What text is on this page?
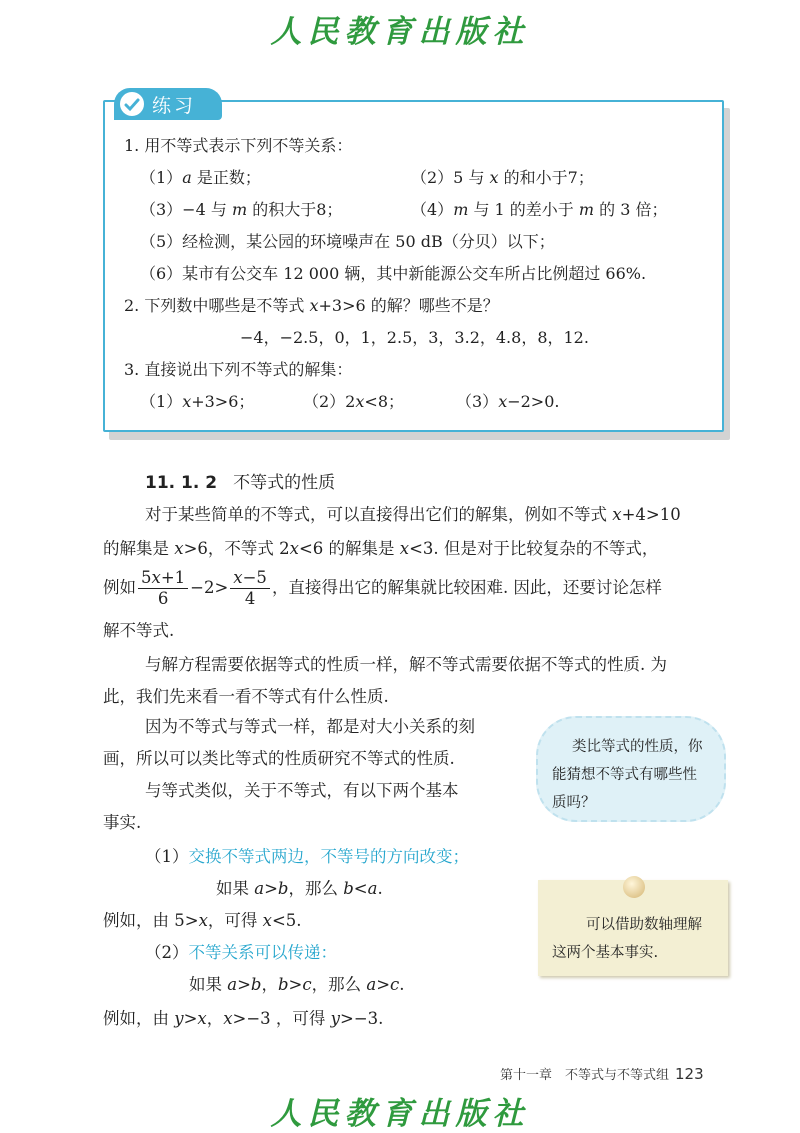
人民教育出版社
练习
1. 用不等式表示下列不等关系：
（1）a 是正数；	（2）5 与 x 的和小于7；
（3）−4 与 m 的积大于8；	（4）m 与 1 的差小于 m 的 3 倍；
（5）经检测，某公园的环境噪声在 50 dB（分贝）以下；
（6）某市有公交车 12 000 辆，其中新能源公交车所占比例超过 66%.
2. 下列数中哪些是不等式 x+3>6 的解？哪些不是？
−4，−2.5，0，1，2.5，3，3.2，4.8，8，12.
3. 直接说出下列不等式的解集：
（1）x+3>6；	（2）2x<8；	（3）x−2>0.
11. 1. 2 不等式的性质
对于某些简单的不等式，可以直接得出它们的解集，例如不等式 x+4>10
的解集是 x>6，不等式 2x<6 的解集是 x<3. 但是对于比较复杂的不等式，
例如 $\frac{5x+1}{6} -2> \frac{x-5}{4}$ ，直接得出它的解集就比较困难. 因此，还要讨论怎样
解不等式.
与解方程需要依据等式的性质一样，解不等式需要依据不等式的性质. 为
此，我们先来看一看不等式有什么性质.
因为不等式与等式一样，都是对大小关系的刻
画，所以可以类比等式的性质研究不等式的性质.
与等式类似，关于不等式，有以下两个基本
事实.
（1）交换不等式两边，不等号的方向改变；
如果 a>b，那么 b<a.
例如，由 5>x，可得 x<5.
（2）不等关系可以传递：
如果 a>b，b>c，那么 a>c.
例如，由 y>x，x>−3 ，可得 y>−3.
类比等式的性质，你
能猜想不等式有哪些性
质吗？
可以借助数轴理解
这两个基本事实.
第十一章　不等式与不等式组 123
人民教育出版社
